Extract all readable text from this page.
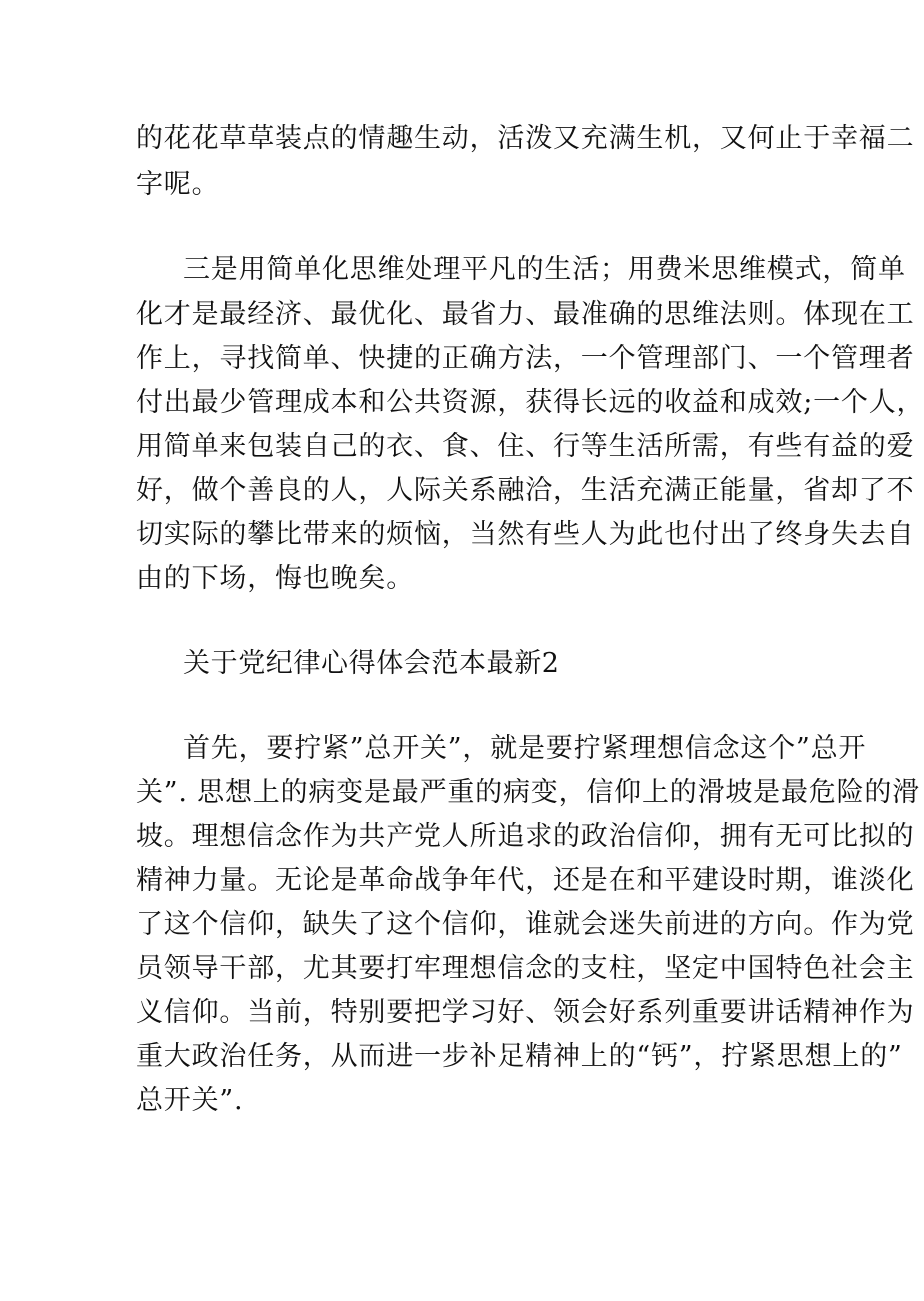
的花花草草装点的情趣生动，活泼又充满生机，又何止于幸福二
字呢。
三是用简单化思维处理平凡的生活；用费米思维模式，简单
化才是最经济、最优化、最省力、最准确的思维法则。体现在工
作上，寻找简单、快捷的正确方法，一个管理部门、一个管理者
付出最少管理成本和公共资源，获得长远的收益和成效;一个人，
用简单来包装自己的衣、食、住、行等生活所需，有些有益的爱
好，做个善良的人，人际关系融洽，生活充满正能量，省却了不
切实际的攀比带来的烦恼，当然有些人为此也付出了终身失去自
由的下场，悔也晚矣。
关于党纪律心得体会范本最新2
首先，要拧紧”总开关”，就是要拧紧理想信念这个”总开
关”. 思想上的病变是最严重的病变，信仰上的滑坡是最危险的滑
坡。理想信念作为共产党人所追求的政治信仰，拥有无可比拟的
精神力量。无论是革命战争年代，还是在和平建设时期，谁淡化
了这个信仰，缺失了这个信仰，谁就会迷失前进的方向。作为党
员领导干部，尤其要打牢理想信念的支柱，坚定中国特色社会主
义信仰。当前，特别要把学习好、领会好系列重要讲话精神作为
重大政治任务，从而进一步补足精神上的“钙”，拧紧思想上的”
总开关”.
